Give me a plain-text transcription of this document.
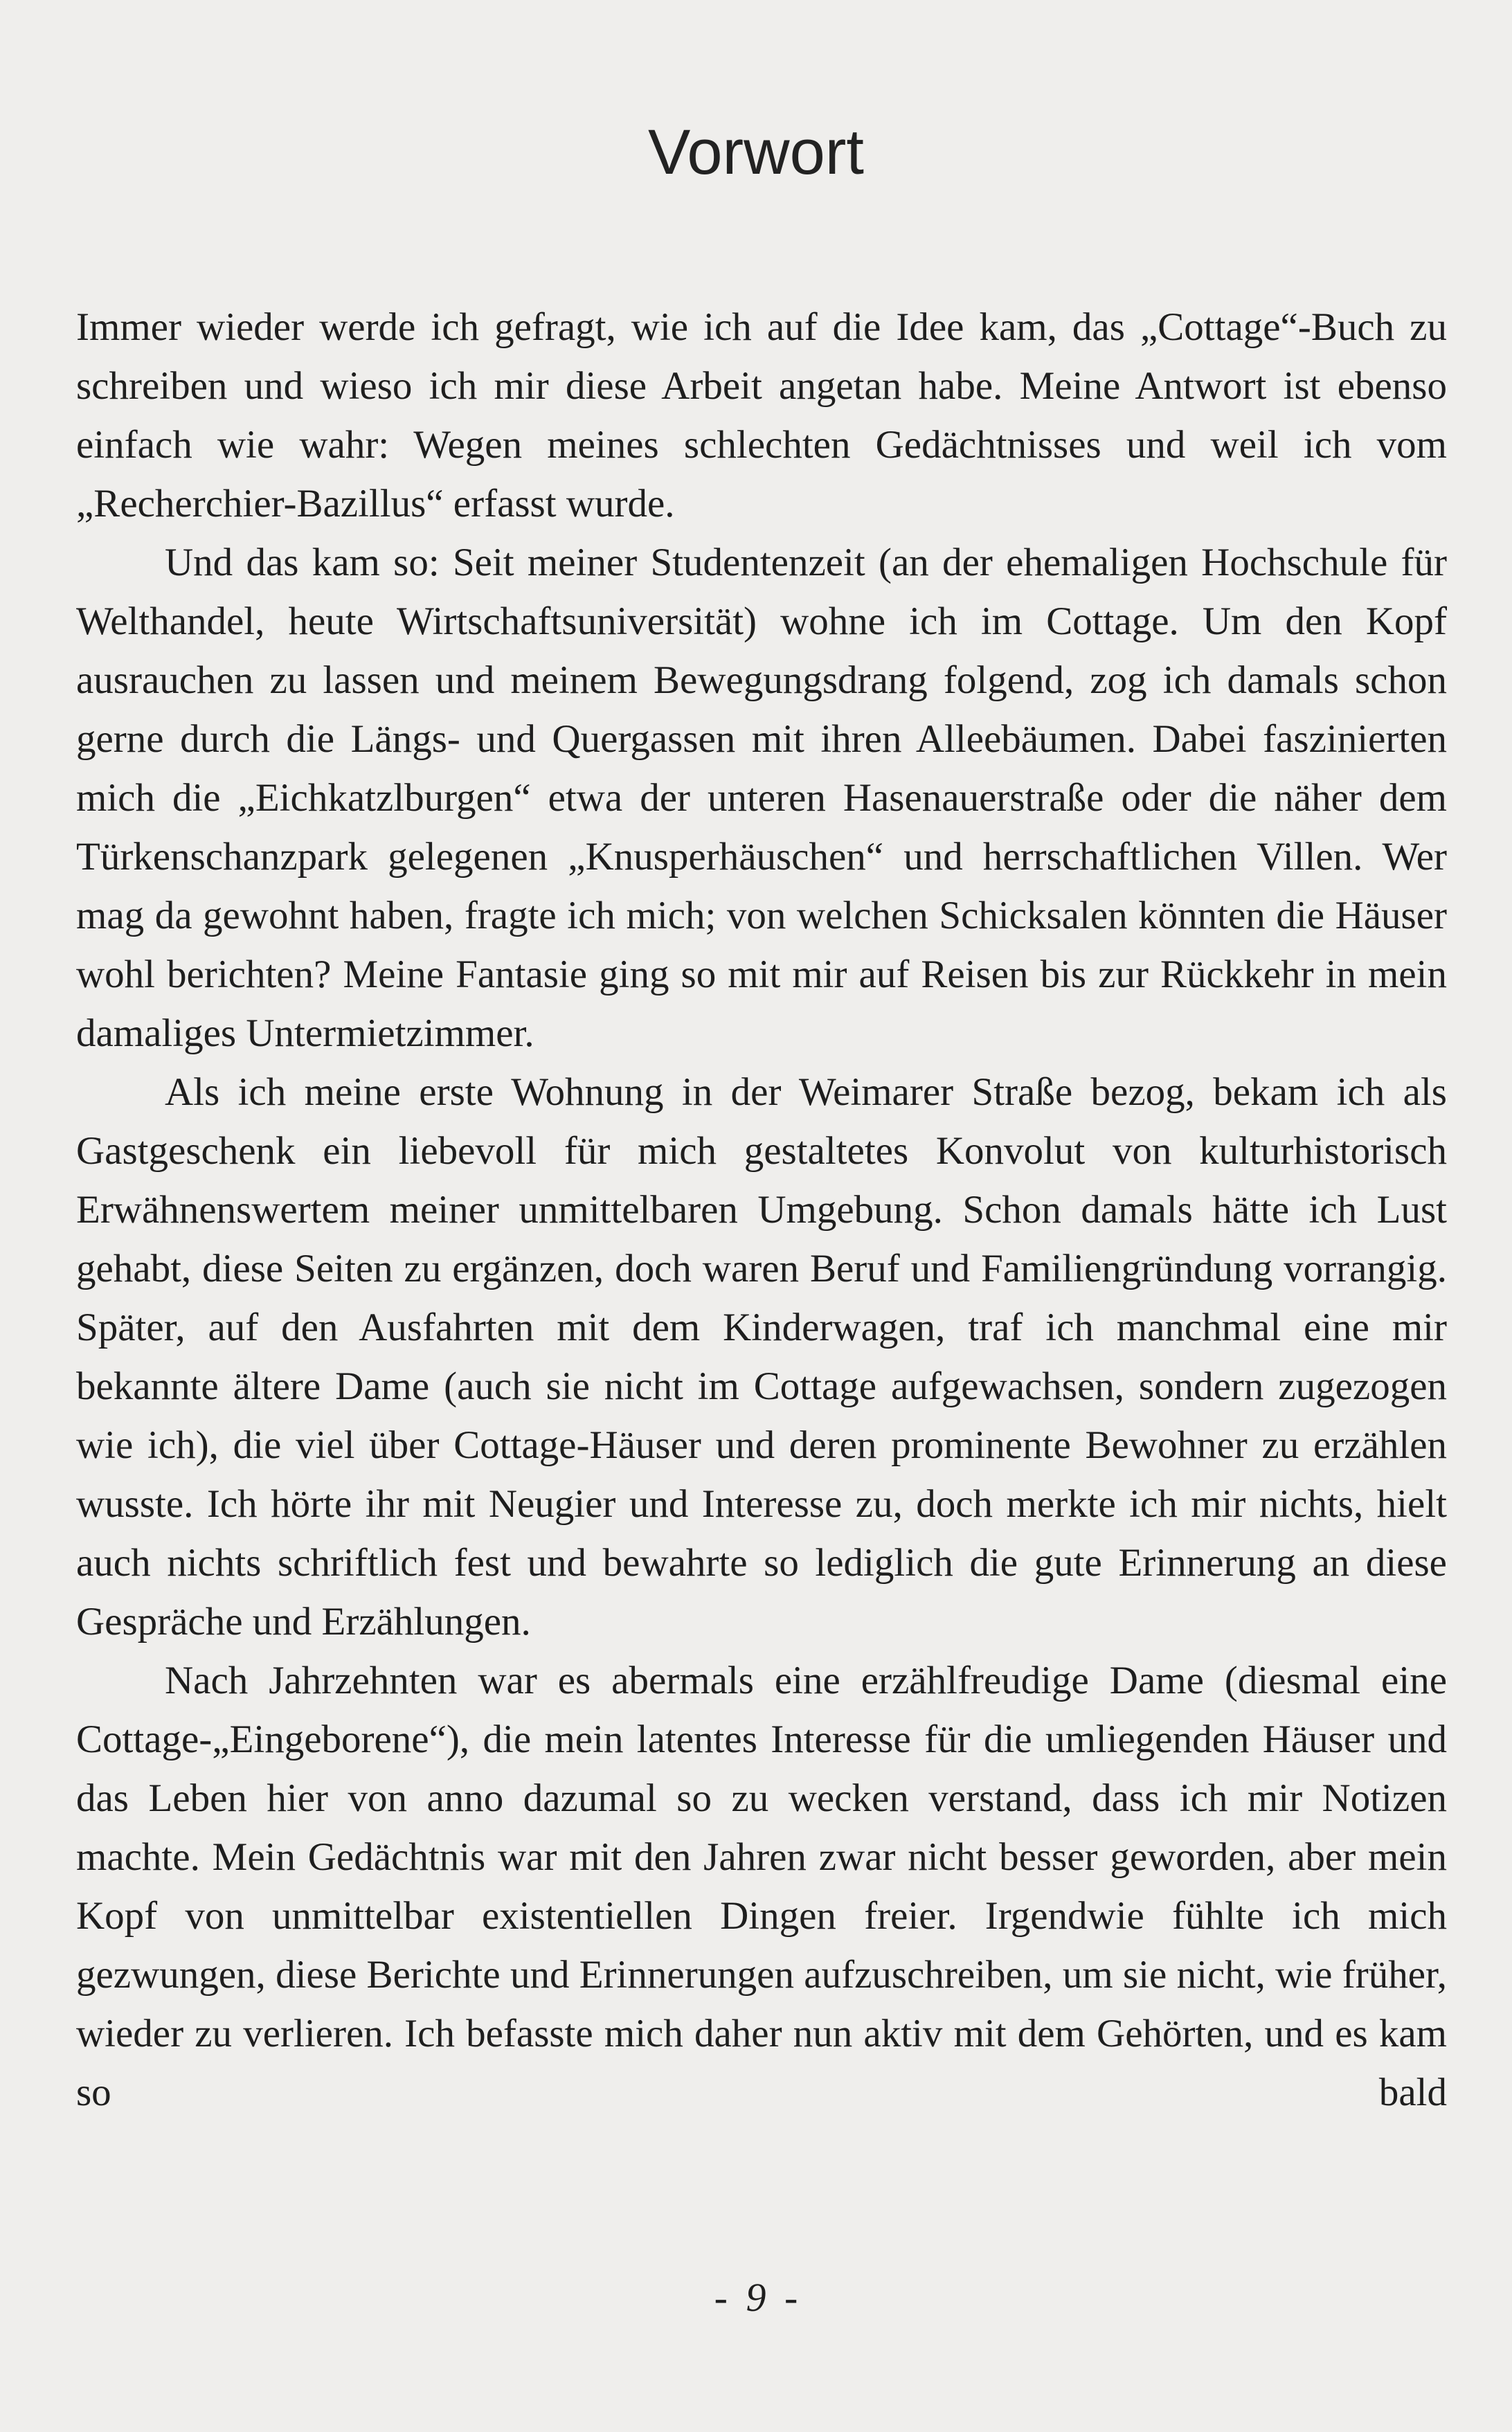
Vorwort

Immer wieder werde ich gefragt, wie ich auf die Idee kam, das „Cottage“-Buch zu schreiben und wieso ich mir diese Arbeit angetan habe. Meine Antwort ist ebenso einfach wie wahr: Wegen meines schlechten Gedächtnisses und weil ich vom „Recherchier-Bazillus“ erfasst wurde.

Und das kam so: Seit meiner Studentenzeit (an der ehemaligen Hochschule für Welthandel, heute Wirtschaftsuniversität) wohne ich im Cottage. Um den Kopf ausrauchen zu lassen und meinem Bewegungsdrang folgend, zog ich damals schon gerne durch die Längs- und Quergassen mit ihren Alleebäumen. Dabei faszinierten mich die „Eichkatzlburgen“ etwa der unteren Hasenauerstraße oder die näher dem Türkenschanzpark gelegenen „Knusperhäuschen“ und herrschaftlichen Villen. Wer mag da gewohnt haben, fragte ich mich; von welchen Schicksalen könnten die Häuser wohl berichten? Meine Fantasie ging so mit mir auf Reisen bis zur Rückkehr in mein damaliges Untermietzimmer.

Als ich meine erste Wohnung in der Weimarer Straße bezog, bekam ich als Gastgeschenk ein liebevoll für mich gestaltetes Konvolut von kulturhistorisch Erwähnenswertem meiner unmittelbaren Umgebung. Schon damals hätte ich Lust gehabt, diese Seiten zu ergänzen, doch waren Beruf und Familiengründung vorrangig. Später, auf den Ausfahrten mit dem Kinderwagen, traf ich manchmal eine mir bekannte ältere Dame (auch sie nicht im Cottage aufgewachsen, sondern zugezogen wie ich), die viel über Cottage-Häuser und deren prominente Bewohner zu erzählen wusste. Ich hörte ihr mit Neugier und Interesse zu, doch merkte ich mir nichts, hielt auch nichts schriftlich fest und bewahrte so lediglich die gute Erinnerung an diese Gespräche und Erzählungen.

Nach Jahrzehnten war es abermals eine erzählfreudige Dame (diesmal eine Cottage-„Eingeborene“), die mein latentes Interesse für die umliegenden Häuser und das Leben hier von anno dazumal so zu wecken verstand, dass ich mir Notizen machte. Mein Gedächtnis war mit den Jahren zwar nicht besser geworden, aber mein Kopf von unmittelbar existentiellen Dingen freier. Irgendwie fühlte ich mich gezwungen, diese Berichte und Erinnerungen aufzuschreiben, um sie nicht, wie früher, wieder zu verlieren. Ich befasste mich daher nun aktiv mit dem Gehörten, und es kam so bald

- 9 -
